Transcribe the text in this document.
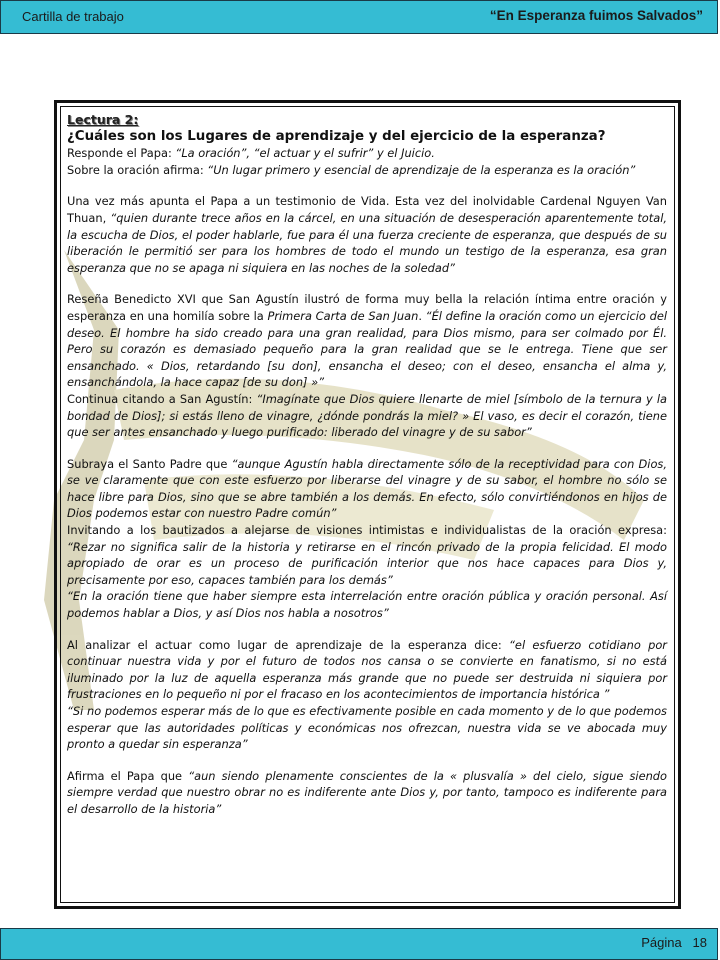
Cartilla de trabajo	“En Esperanza fuimos Salvados”

Lectura 2:

¿Cuáles son los Lugares de aprendizaje y del ejercicio de la esperanza?

Responde el Papa: “La oración”, “el actuar y el sufrir” y el Juicio.

Sobre la oración afirma: “Un lugar primero y esencial de aprendizaje de la esperanza es la oración”

Una vez más apunta el Papa a un testimonio de Vida. Esta vez del inolvidable Cardenal Nguyen Van Thuan, “quien durante trece años en la cárcel, en una situación de desesperación aparentemente total, la escucha de Dios, el poder hablarle, fue para él una fuerza creciente de esperanza, que después de su liberación le permitió ser para los hombres de todo el mundo un testigo de la esperanza, esa gran esperanza que no se apaga ni siquiera en las noches de la soledad”

Reseña Benedicto XVI que San Agustín ilustró de forma muy bella la relación íntima entre oración y esperanza en una homilía sobre la Primera Carta de San Juan. “Él define la oración como un ejercicio del deseo. El hombre ha sido creado para una gran realidad, para Dios mismo, para ser colmado por Él. Pero su corazón es demasiado pequeño para la gran realidad que se le entrega. Tiene que ser ensanchado. « Dios, retardando [su don], ensancha el deseo; con el deseo, ensancha el alma y, ensanchándola, la hace capaz [de su don] »”

Continua citando a San Agustín: “Imagínate que Dios quiere llenarte de miel [símbolo de la ternura y la bondad de Dios]; si estás lleno de vinagre, ¿dónde pondrás la miel? » El vaso, es decir el corazón, tiene que ser antes ensanchado y luego purificado: liberado del vinagre y de su sabor”

Subraya el Santo Padre que “aunque Agustín habla directamente sólo de la receptividad para con Dios, se ve claramente que con este esfuerzo por liberarse del vinagre y de su sabor, el hombre no sólo se hace libre para Dios, sino que se abre también a los demás. En efecto, sólo convirtiéndonos en hijos de Dios podemos estar con nuestro Padre común”

Invitando a los bautizados a alejarse de visiones intimistas e individualistas de la oración expresa: “Rezar no significa salir de la historia y retirarse en el rincón privado de la propia felicidad. El modo apropiado de orar es un proceso de purificación interior que nos hace capaces para Dios y, precisamente por eso, capaces también para los demás”

“En la oración tiene que haber siempre esta interrelación entre oración pública y oración personal. Así podemos hablar a Dios, y así Dios nos habla a nosotros”

Al analizar el actuar como lugar de aprendizaje de la esperanza dice: “el esfuerzo cotidiano por continuar nuestra vida y por el futuro de todos nos cansa o se convierte en fanatismo, si no está iluminado por la luz de aquella esperanza más grande que no puede ser destruida ni siquiera por frustraciones en lo pequeño ni por el fracaso en los acontecimientos de importancia histórica ”

“Si no podemos esperar más de lo que es efectivamente posible en cada momento y de lo que podemos esperar que las autoridades políticas y económicas nos ofrezcan, nuestra vida se ve abocada muy pronto a quedar sin esperanza”

Afirma el Papa que “aun siendo plenamente conscientes de la « plusvalía » del cielo, sigue siendo siempre verdad que nuestro obrar no es indiferente ante Dios y, por tanto, tampoco es indiferente para el desarrollo de la historia”

Página 18
